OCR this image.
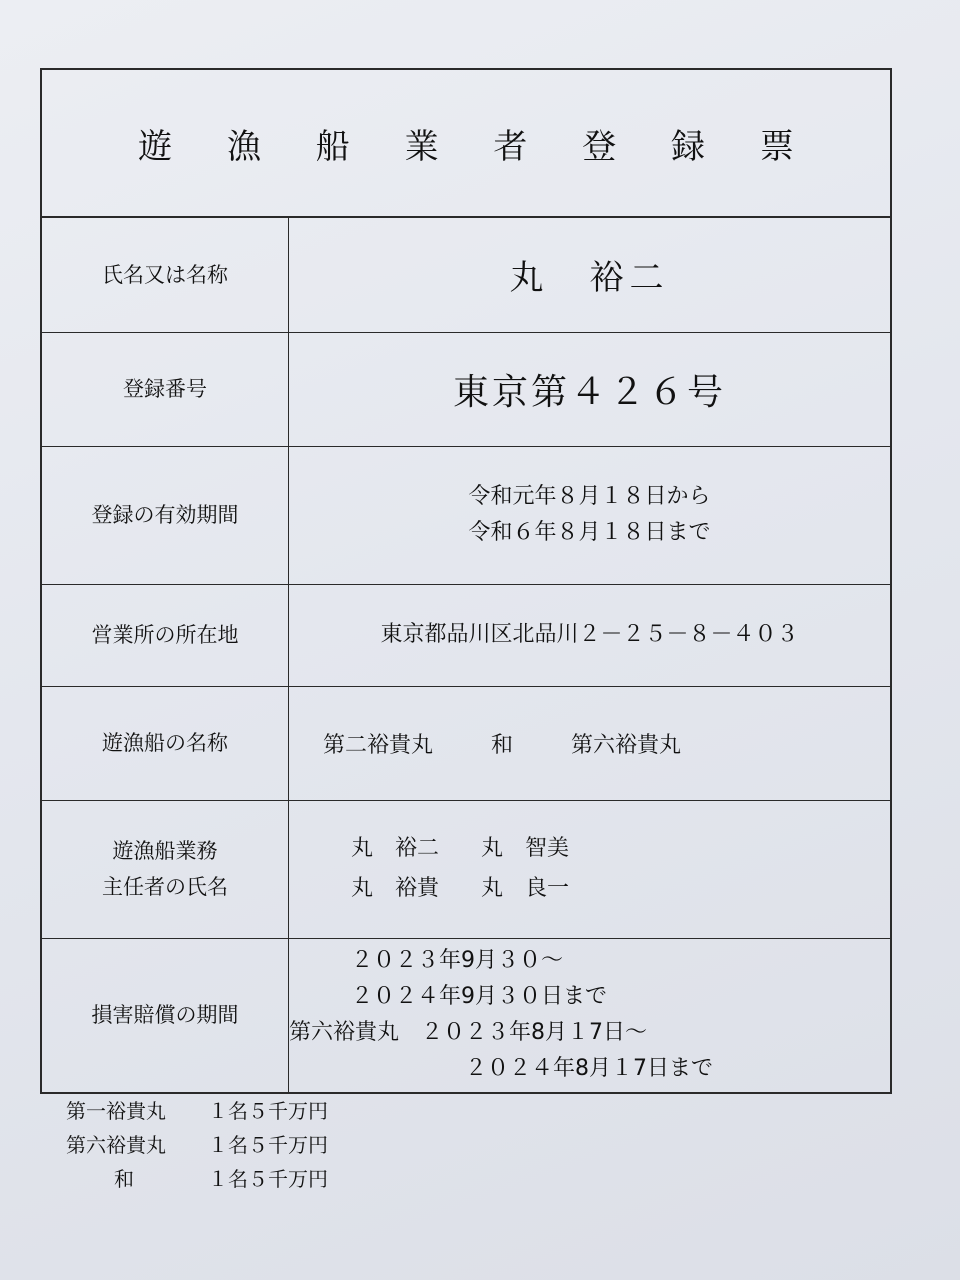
遊 漁 船 業 者 登 録 票
氏名又は名称	丸　裕二
登録番号	東京第４２６号
登録の有効期間	令和元年８月１８日から
令和６年８月１８日まで

営業所の所在地	東京都品川区北品川２－２５－８－４０３

遊漁船の名称	第二裕貴丸 和 第六裕貴丸

遊漁船業務
主任者の氏名	丸　裕二 丸　智美
丸　裕貴 丸　良一

損害賠償の期間	２０２３年9月３０～
２０２４年9月３０日まで
第六裕貴丸　２０２３年8月１7日～
２０２４年8月１7日まで
第一裕貴丸	１名５千万円
第六裕貴丸	１名５千万円
和	１名５千万円
